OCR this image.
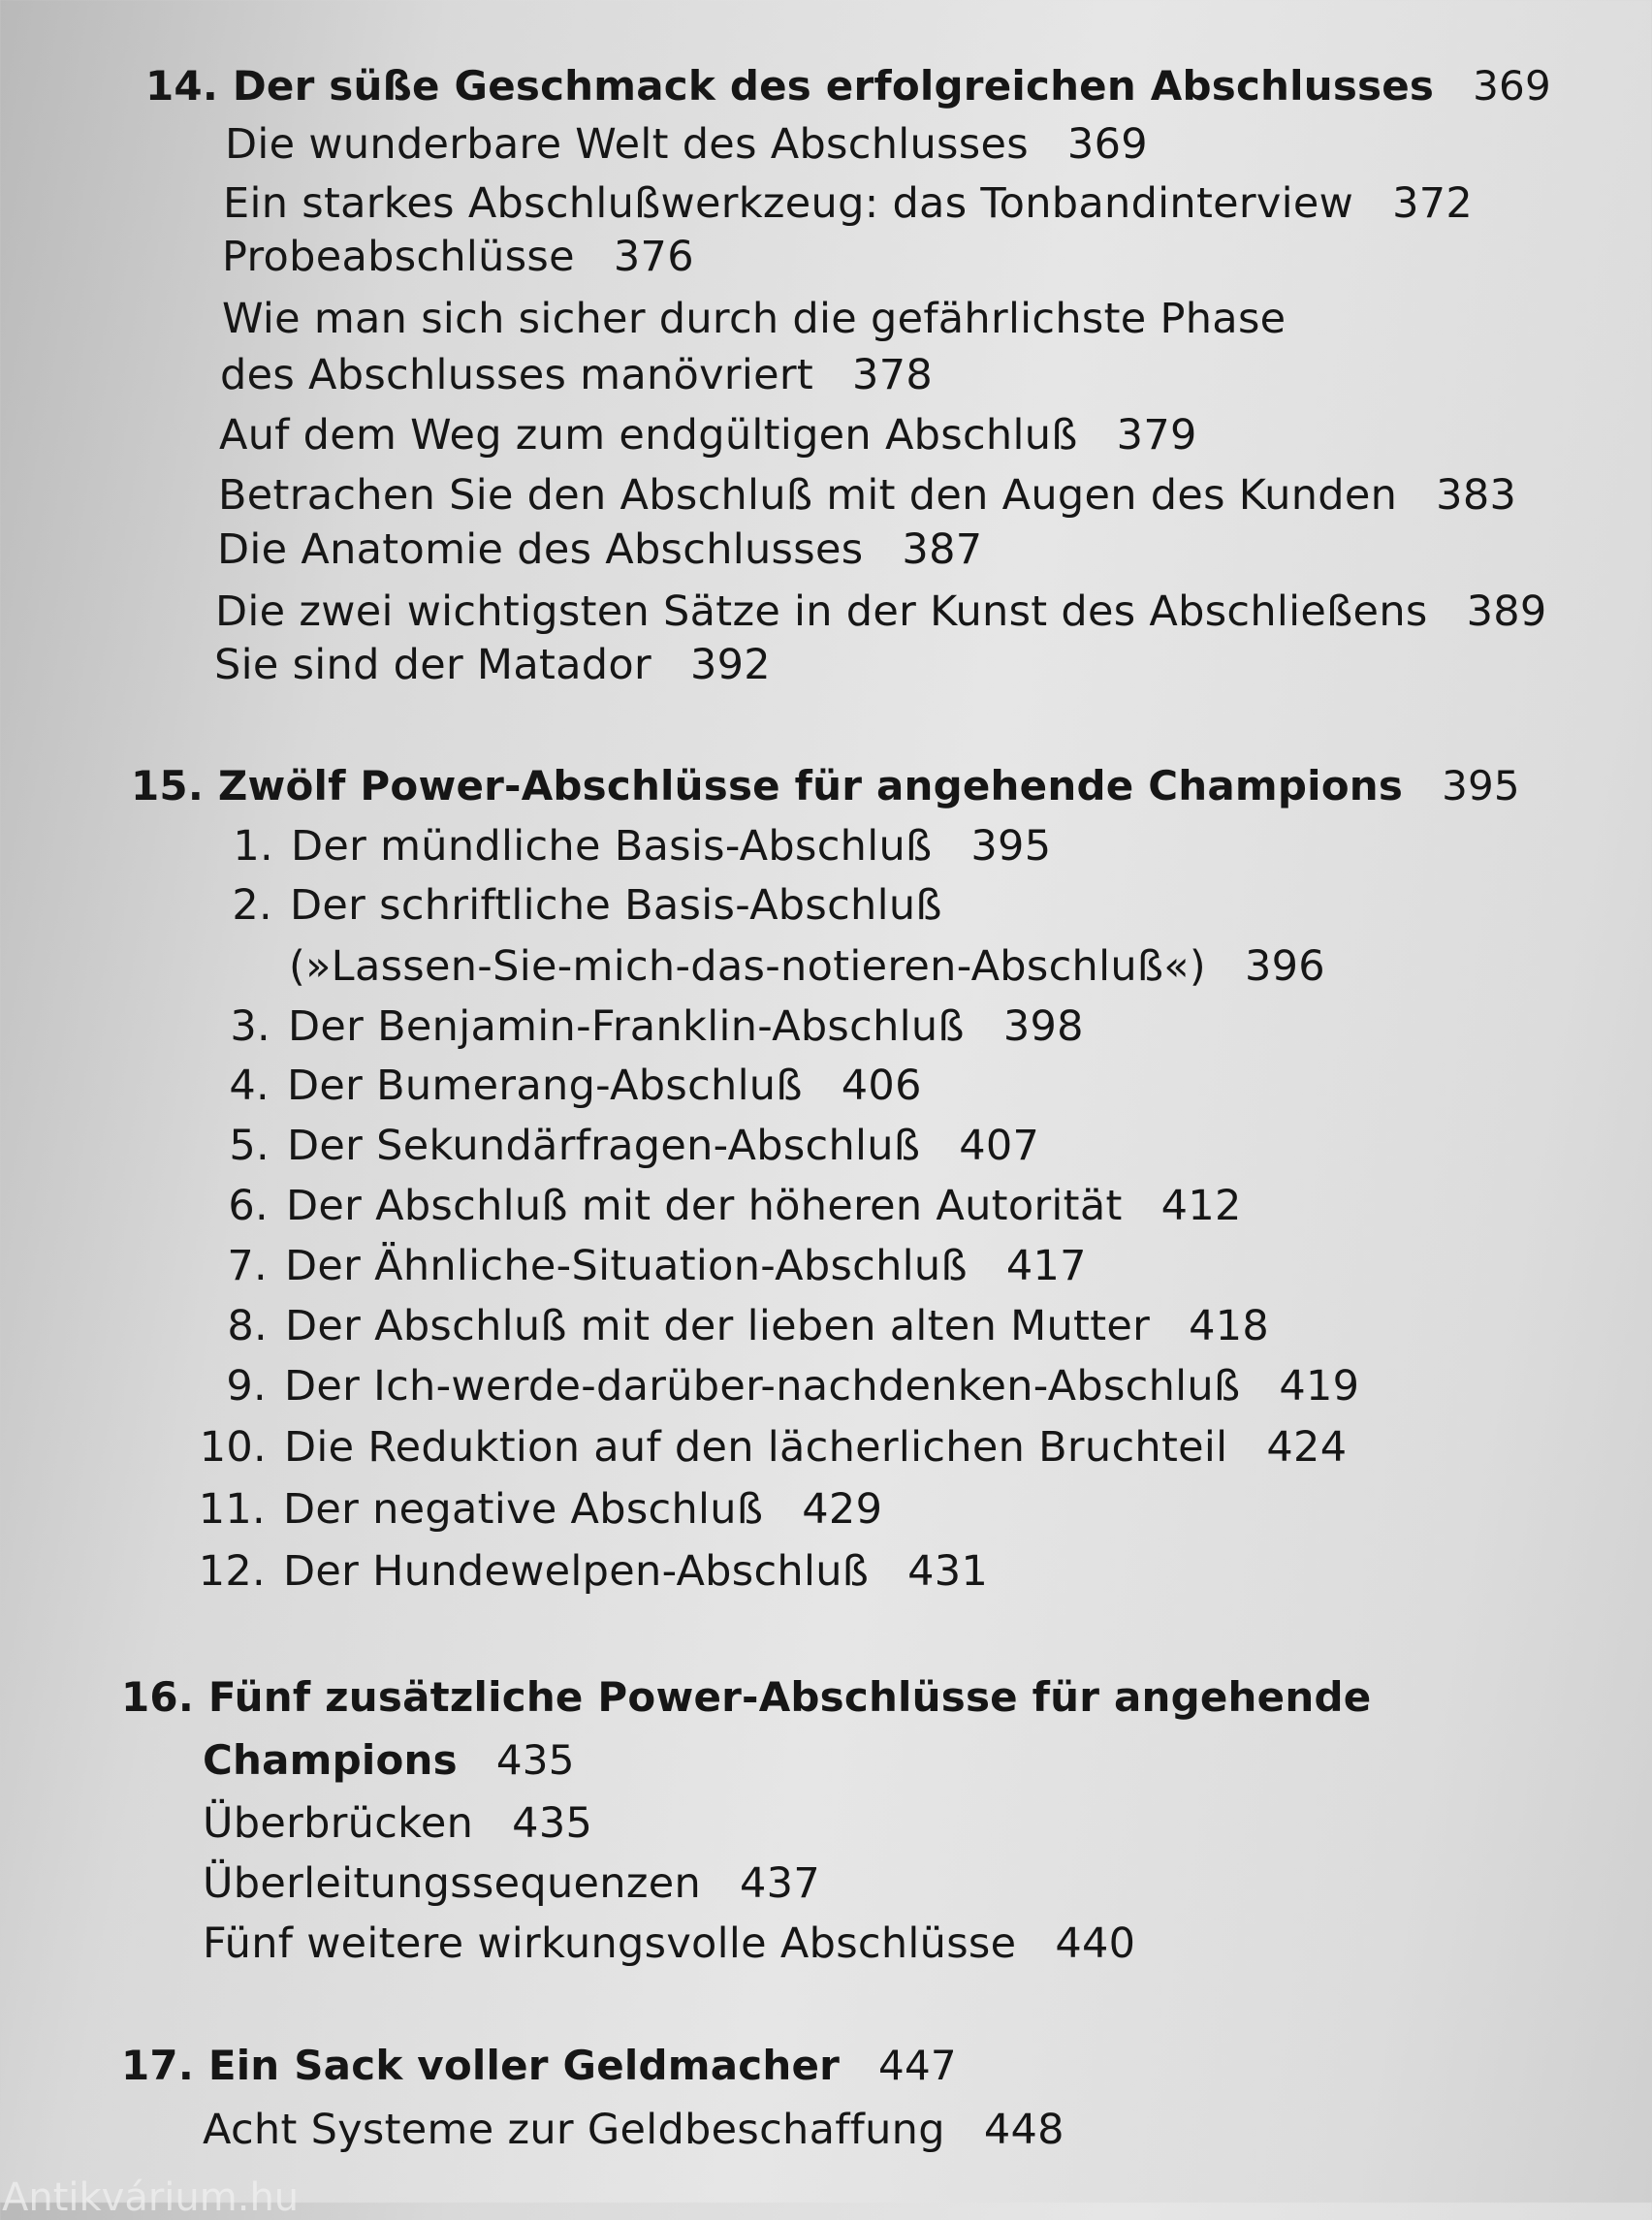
14. Der süße Geschmack des erfolgreichen Abschlusses 369
Die wunderbare Welt des Abschlusses 369
Ein starkes Abschlußwerkzeug: das Tonbandinterview 372
Probeabschlüsse 376
Wie man sich sicher durch die gefährlichste Phase
des Abschlusses manövriert 378
Auf dem Weg zum endgültigen Abschluß 379
Betrachen Sie den Abschluß mit den Augen des Kunden 383
Die Anatomie des Abschlusses 387
Die zwei wichtigsten Sätze in der Kunst des Abschließens 389
Sie sind der Matador 392
15. Zwölf Power-Abschlüsse für angehende Champions 395
1. Der mündliche Basis-Abschluß 395
2. Der schriftliche Basis-Abschluß
(»Lassen-Sie-mich-das-notieren-Abschluß«) 396
3. Der Benjamin-Franklin-Abschluß 398
4. Der Bumerang-Abschluß 406
5. Der Sekundärfragen-Abschluß 407
6. Der Abschluß mit der höheren Autorität 412
7. Der Ähnliche-Situation-Abschluß 417
8. Der Abschluß mit der lieben alten Mutter 418
9. Der Ich-werde-darüber-nachdenken-Abschluß 419
10. Die Reduktion auf den lächerlichen Bruchteil 424
11. Der negative Abschluß 429
12. Der Hundewelpen-Abschluß 431
16. Fünf zusätzliche Power-Abschlüsse für angehende
Champions 435
Überbrücken 435
Überleitungssequenzen 437
Fünf weitere wirkungsvolle Abschlüsse 440
17. Ein Sack voller Geldmacher 447
Acht Systeme zur Geldbeschaffung 448
Antikvárium.hu
